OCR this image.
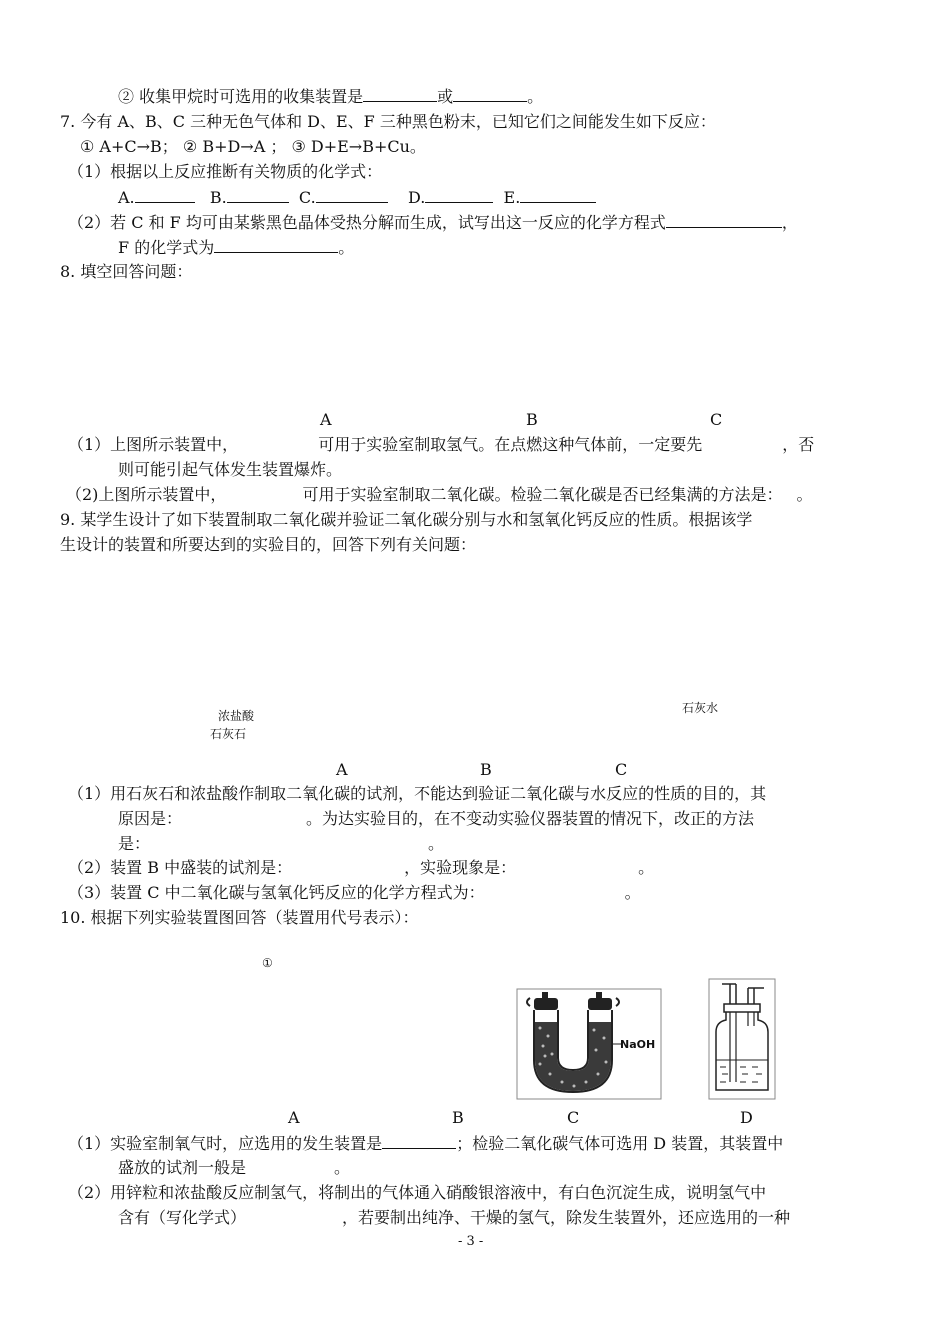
② 收集甲烷时可选用的收集装置是	或	。
7. 今有 A、B、C 三种无色气体和 D、E、F 三种黑色粉末，已知它们之间能发生如下反应：
① A+C→B； ② B+D→A ； ③ D+E→B+Cu。
（1）根据以上反应推断有关物质的化学式：
A.	B.	C.	D.	E.
（2）若 C 和 F 均可由某紫黑色晶体受热分解而生成，试写出这一反应的化学方程式	，
F 的化学式为	。
8. 填空回答问题：
A	B	C
（1）上图所示装置中，	可用于实验室制取氢气。在点燃这种气体前，一定要先	，否
则可能引起气体发生装置爆炸。
（2)上图所示装置中，	可用于实验室制取二氧化碳。检验二氧化碳是否已经集满的方法是： 。
9. 某学生设计了如下装置制取二氧化碳并验证二氧化碳分别与水和氢氧化钙反应的性质。根据该学
生设计的装置和所要达到的实验目的，回答下列有关问题：
浓盐酸
石灰石
石灰水
A	B	C
（1）用石灰石和浓盐酸作制取二氧化碳的试剂，不能达到验证二氧化碳与水反应的性质的目的，其
原因是：	。为达实验目的，在不变动实验仪器装置的情况下，改正的方法
是：	。
（2）装置 B 中盛装的试剂是：	，实验现象是：	。
（3）装置 C 中二氧化碳与氢氧化钙反应的化学方程式为：	。
10. 根据下列实验装置图回答（装置用代号表示）：
①
NaOH
A	B	C	D
（1）实验室制氧气时，应选用的发生装置是	；检验二氧化碳气体可选用 D 装置，其装置中
盛放的试剂一般是	。
（2）用锌粒和浓盐酸反应制氢气，将制出的气体通入硝酸银溶液中，有白色沉淀生成，说明氢气中
含有（写化学式）	，若要制出纯净、干燥的氢气，除发生装置外，还应选用的一种
- 3 -
